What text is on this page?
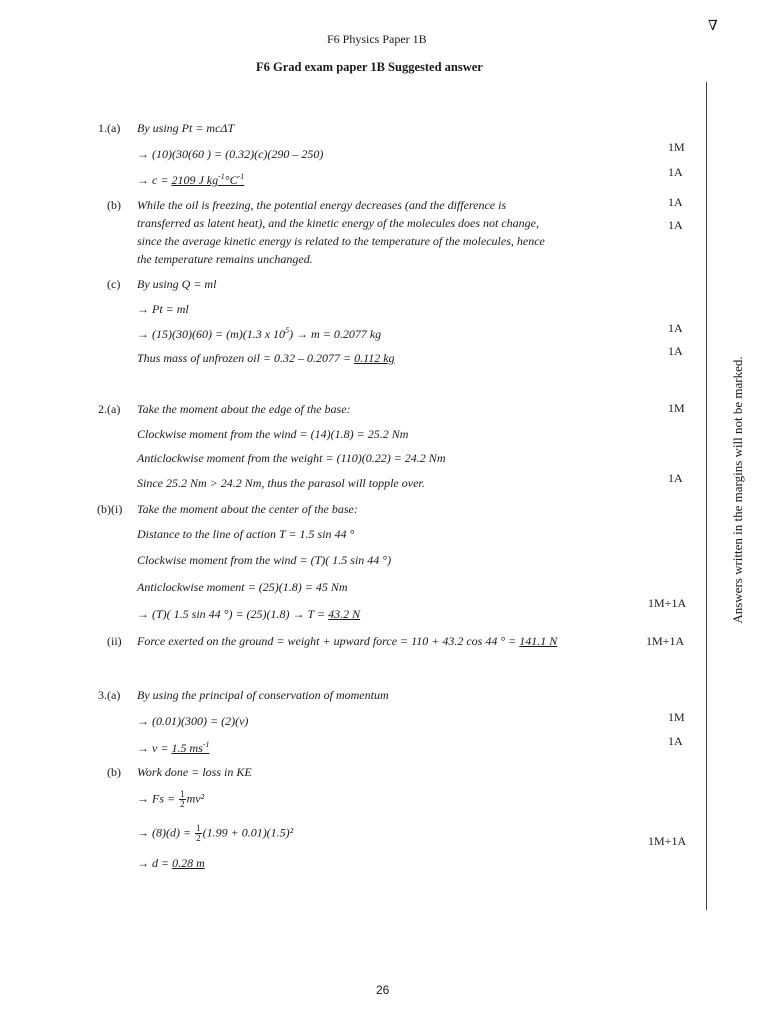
F6 Physics Paper 1B
F6 Grad exam paper 1B Suggested answer
∇
Answers written in the margins will not be marked.
1.(a) By using Pt = mcΔT
→ (10)(30(60 ) = (0.32)(c)(290 – 250)
→ c = 2109 J $kg^{-1}^\circ C^{-1}$
1M
1A
(b) While the oil is freezing, the potential energy decreases (and the difference is
transferred as latent heat), and the kinetic energy of the molecules does not change,
since the average kinetic energy is related to the temperature of the molecules, hence
the temperature remains unchanged.
1A
1A
(c) By using Q = ml
→ Pt = ml
→ (15)(30)(60) = (m)(1.3 x $10^5) \to m = 0.2077$ kg
Thus mass of unfrozen oil = 0.32 – 0.2077 = 0.112 kg
1A
1A
2.(a) Take the moment about the edge of the base:
Clockwise moment from the wind = (14)(1.8) = 25.2 Nm
Anticlockwise moment from the weight = (110)(0.22) = 24.2 Nm
Since 25.2 Nm > 24.2 Nm, thus the parasol will topple over.
1M
1A
(b)(i) Take the moment about the center of the base:
Distance to the line of action T = 1.5 sin 44 °
Clockwise moment from the wind = (T)( 1.5 sin 44 °)
Anticlockwise moment = (25)(1.8) = 45 Nm
→ (T)( 1.5 sin 44 °) = (25)(1.8) → T = 43.2 N
1M+1A
(ii) Force exerted on the ground = weight + upward force = 110 + 43.2 cos 44 ° = 141.1 N	1M+1A
3.(a) By using the principal of conservation of momentum
→ (0.01)(300) = (2)(v)
→ v = 1.5 $ms^{-1}$
1M
1A
(b) Work done = loss in KE
→ $Fs = \frac{1}{2} mv^2$
→ $(8)(d) = \frac{1}{2} (1.99 + 0.01)(1.5)^2$
→ d = 0.28 m
1M+1A
26
